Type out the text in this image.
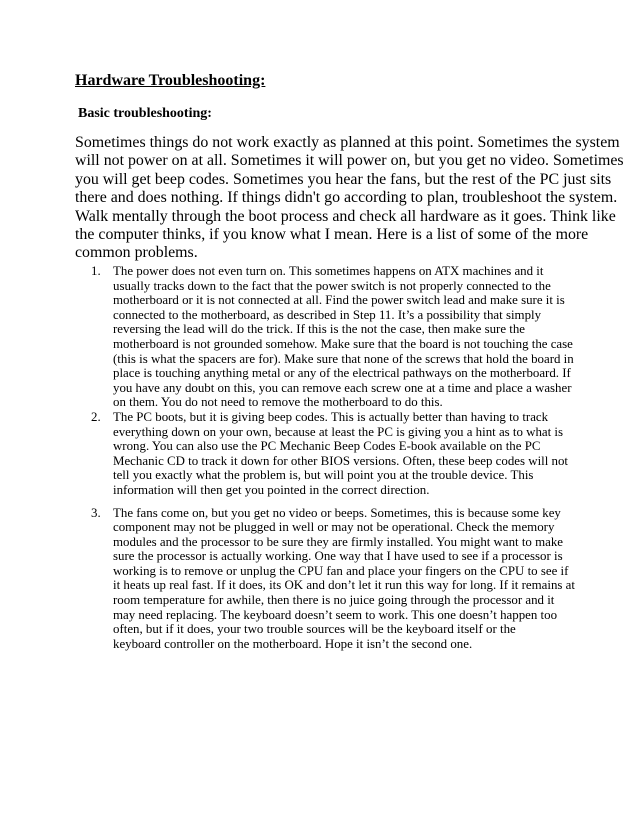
Hardware Troubleshooting:
Basic troubleshooting:
Sometimes things do not work exactly as planned at this point. Sometimes the system
will not power on at all. Sometimes it will power on, but you get no video. Sometimes
you will get beep codes. Sometimes you hear the fans, but the rest of the PC just sits
there and does nothing. If things didn't go according to plan, troubleshoot the system.
Walk mentally through the boot process and check all hardware as it goes. Think like
the computer thinks, if you know what I mean. Here is a list of some of the more
common problems.
1. The power does not even turn on. This sometimes happens on ATX machines and it
usually tracks down to the fact that the power switch is not properly connected to the
motherboard or it is not connected at all. Find the power switch lead and make sure it is
connected to the motherboard, as described in Step 11. It’s a possibility that simply
reversing the lead will do the trick. If this is the not the case, then make sure the
motherboard is not grounded somehow. Make sure that the board is not touching the case
(this is what the spacers are for). Make sure that none of the screws that hold the board in
place is touching anything metal or any of the electrical pathways on the motherboard. If
you have any doubt on this, you can remove each screw one at a time and place a washer
on them. You do not need to remove the motherboard to do this.
2. The PC boots, but it is giving beep codes. This is actually better than having to track
everything down on your own, because at least the PC is giving you a hint as to what is
wrong. You can also use the PC Mechanic Beep Codes E-book available on the PC
Mechanic CD to track it down for other BIOS versions. Often, these beep codes will not
tell you exactly what the problem is, but will point you at the trouble device. This
information will then get you pointed in the correct direction.
3. The fans come on, but you get no video or beeps. Sometimes, this is because some key
component may not be plugged in well or may not be operational. Check the memory
modules and the processor to be sure they are firmly installed. You might want to make
sure the processor is actually working. One way that I have used to see if a processor is
working is to remove or unplug the CPU fan and place your fingers on the CPU to see if
it heats up real fast. If it does, its OK and don’t let it run this way for long. If it remains at
room temperature for awhile, then there is no juice going through the processor and it
may need replacing. The keyboard doesn’t seem to work. This one doesn’t happen too
often, but if it does, your two trouble sources will be the keyboard itself or the
keyboard controller on the motherboard. Hope it isn’t the second one.
